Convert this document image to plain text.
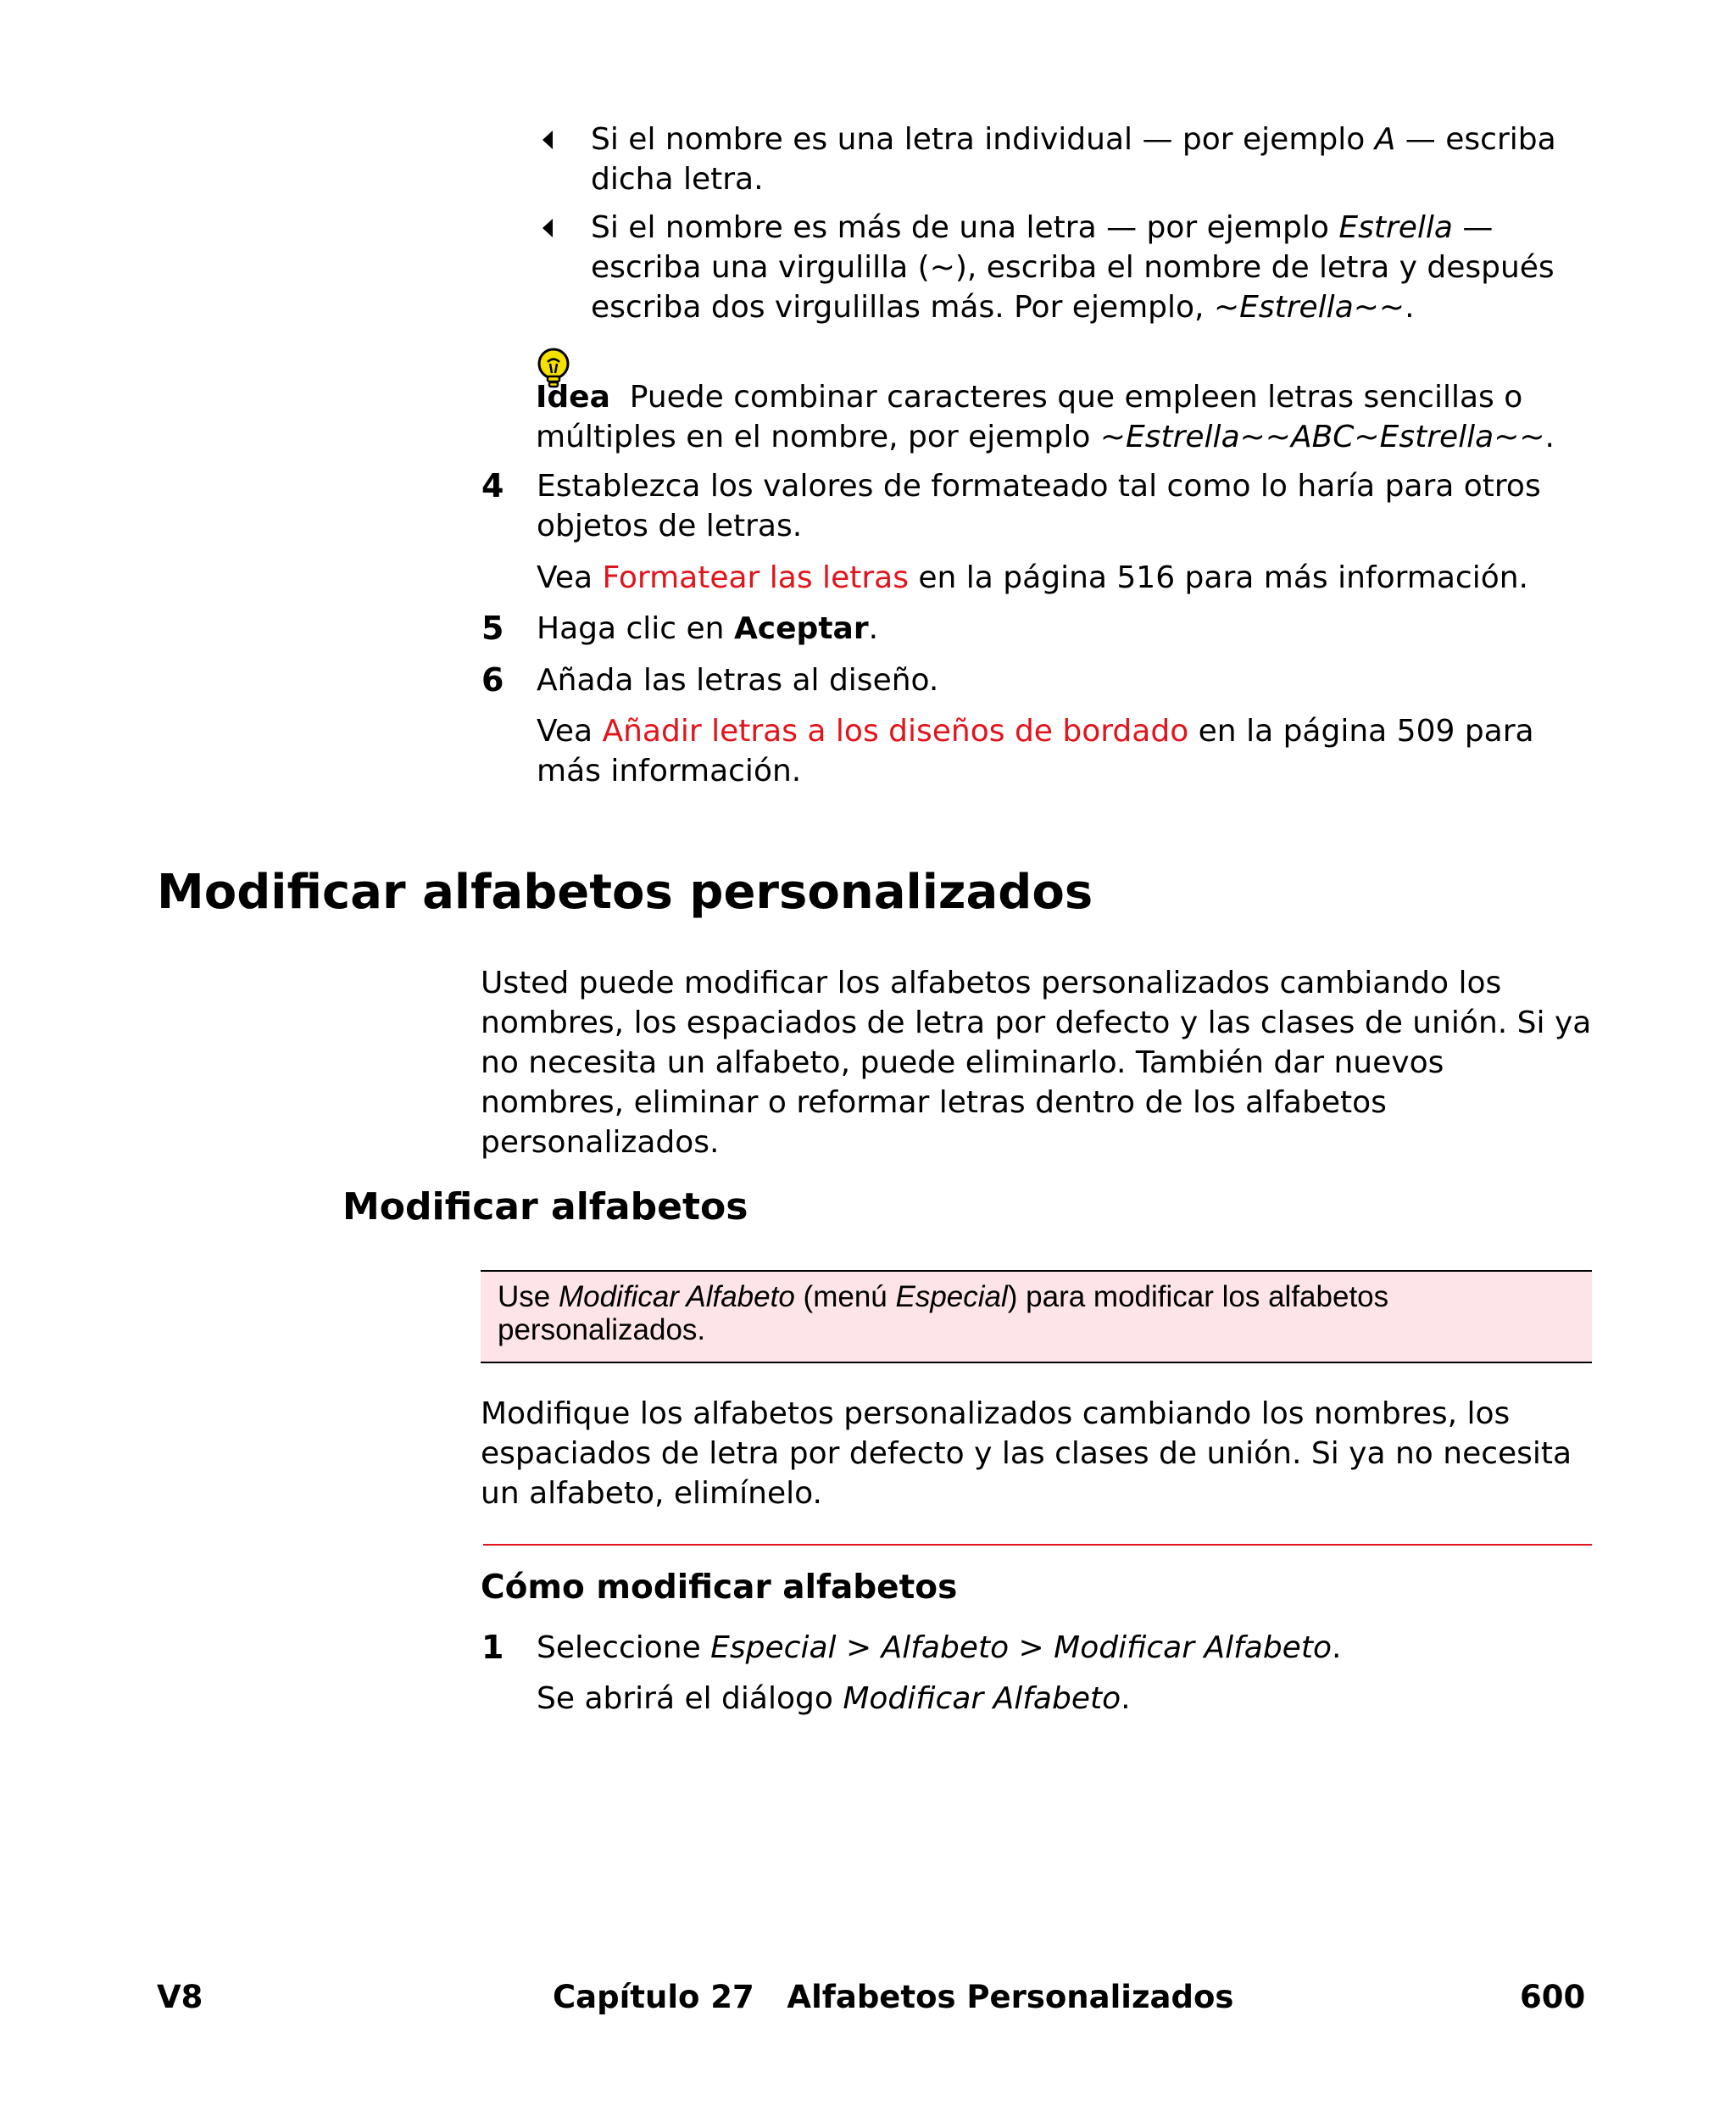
Si el nombre es una letra individual — por ejemplo A — escriba dicha letra.
Si el nombre es más de una letra — por ejemplo Estrella — escriba una virgulilla (~), escriba el nombre de letra y después escriba dos virgulillas más. Por ejemplo, ~Estrella~~.
Idea Puede combinar caracteres que empleen letras sencillas o múltiples en el nombre, por ejemplo ~Estrella~~ABC~Estrella~~.
4 Establezca los valores de formateado tal como lo haría para otros objetos de letras.
Vea Formatear las letras en la página 516 para más información.
5 Haga clic en Aceptar.
6 Añada las letras al diseño.
Vea Añadir letras a los diseños de bordado en la página 509 para más información.
Modificar alfabetos personalizados
Usted puede modificar los alfabetos personalizados cambiando los nombres, los espaciados de letra por defecto y las clases de unión. Si ya no necesita un alfabeto, puede eliminarlo. También dar nuevos nombres, eliminar o reformar letras dentro de los alfabetos personalizados.
Modificar alfabetos

Use Modificar Alfabeto (menú Especial) para modificar los alfabetos personalizados.

Modifique los alfabetos personalizados cambiando los nombres, los espaciados de letra por defecto y las clases de unión. Si ya no necesita un alfabeto, elimínelo.
Cómo modificar alfabetos
1 Seleccione Especial > Alfabeto > Modificar Alfabeto.
Se abrirá el diálogo Modificar Alfabeto.
V8	Capítulo 27   Alfabetos Personalizados	600
